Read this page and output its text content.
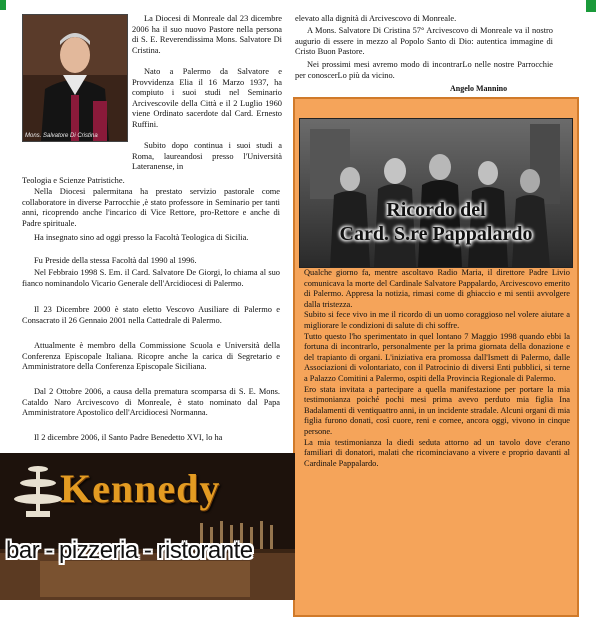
Mons. Salvatore Di Cristina

La Diocesi di Monreale dal 23 dicembre 2006 ha il suo nuovo Pastore nella persona di S. E. Reverendissima Mons. Salvatore Di Cristina.

Nato a Palermo da Salvatore e Provvidenza Elia il 16 Marzo 1937, ha compiuto i suoi studi nel Seminario Arcivescovile della Città e il 2 Luglio 1960 viene Ordinato sacerdote dal Card. Ernesto Ruffini.

Subito dopo continua i suoi studi a Roma, laureandosi presso l'Università Lateranense, in

Teologia e Scienze Patristiche.

Nella Diocesi palermitana ha prestato servizio pastorale come collaboratore in diverse Parrocchie ,è stato professore in Seminario per tanti anni, ricoprendo anche l'incarico di Vice Rettore, pro-Rettore e anche di Padre spirituale.

Ha insegnato sino ad oggi presso la Facoltà Teologica di Sicilia.

Fu Preside della stessa Facoltà dal 1990 al 1996.

Nel Febbraio 1998 S. Em. il Card. Salvatore De Giorgi, lo chiama al suo fianco nominandolo Vicario Generale dell'Arcidiocesi di Palermo.

Il 23 Dicembre 2000 è stato eletto Vescovo Ausiliare di Palermo e Consacrato il 26 Gennaio 2001 nella Cattedrale di Palermo.

Attualmente è membro della Commissione Scuola e Università della Conferenza Episcopale Italiana. Ricopre anche la carica di Segretario e Amministratore della Conferenza Episcopale Siciliana.

Dal 2 Ottobre 2006, a causa della prematura scomparsa di S. E. Mons. Cataldo Naro Arcivescovo di Monreale, è stato nominato dal Papa Amministratore Apostolico dell'Arcidiocesi Normanna.

Il 2 dicembre 2006, il Santo Padre Benedetto XVI, lo ha

elevato alla dignità di Arcivescovo di Monreale.

A Mons. Salvatore Di Cristina 57° Arcivescovo di Monreale va il nostro augurio di essere in mezzo al Popolo Santo di Dio: autentica immagine di Cristo Buon Pastore.

Nei prossimi mesi avremo modo di incontrarLo nelle nostre Parrocchie per conoscerLo più da vicino.

Angelo Mannino
Ricordo del
Card. S.re Pappalardo

Qualche giorno fa, mentre ascoltavo Radio Maria, il direttore Padre Livio comunicava la morte del Cardinale Salvatore Pappalardo, Arcivescovo emerito di Palermo. Appresa la notizia, rimasi come di ghiaccio e mi sentii avvolgere dalla tristezza.

Subito si fece vivo in me il ricordo di un uomo coraggioso nel volere aiutare a migliorare le condizioni di salute di chi soffre.

Tutto questo l'ho sperimentato in quel lontano 7 Maggio 1998 quando ebbi la fortuna di incontrarlo, personalmente per la prima giornata della donazione e del trapianto di organi. L'iniziativa era promossa dall'Ismett di Palermo, dalle Associazioni di volontariato, con il Patrocinio di diversi Enti pubblici, si terne a Palazzo Comitini a Palermo, ospiti della Provincia Regionale di Palermo.

Ero stata invitata a partecipare a quella manifestazione per portare la mia testimonianza poiché pochi mesi prima avevo perduto mia figlia Ina Badalamenti di ventiquattro anni, in un incidente stradale. Alcuni organi di mia figlia furono donati, così cuore, reni e cornee, ancora oggi, vivono in cinque persone.

La mia testimonianza la diedi seduta attorno ad un tavolo dove c'erano familiari di donatori, malati che ricominciavano a vivere e proprio davanti al Cardinale Pappalardo.

Kennedy
bar - pizzeria - ristorante
